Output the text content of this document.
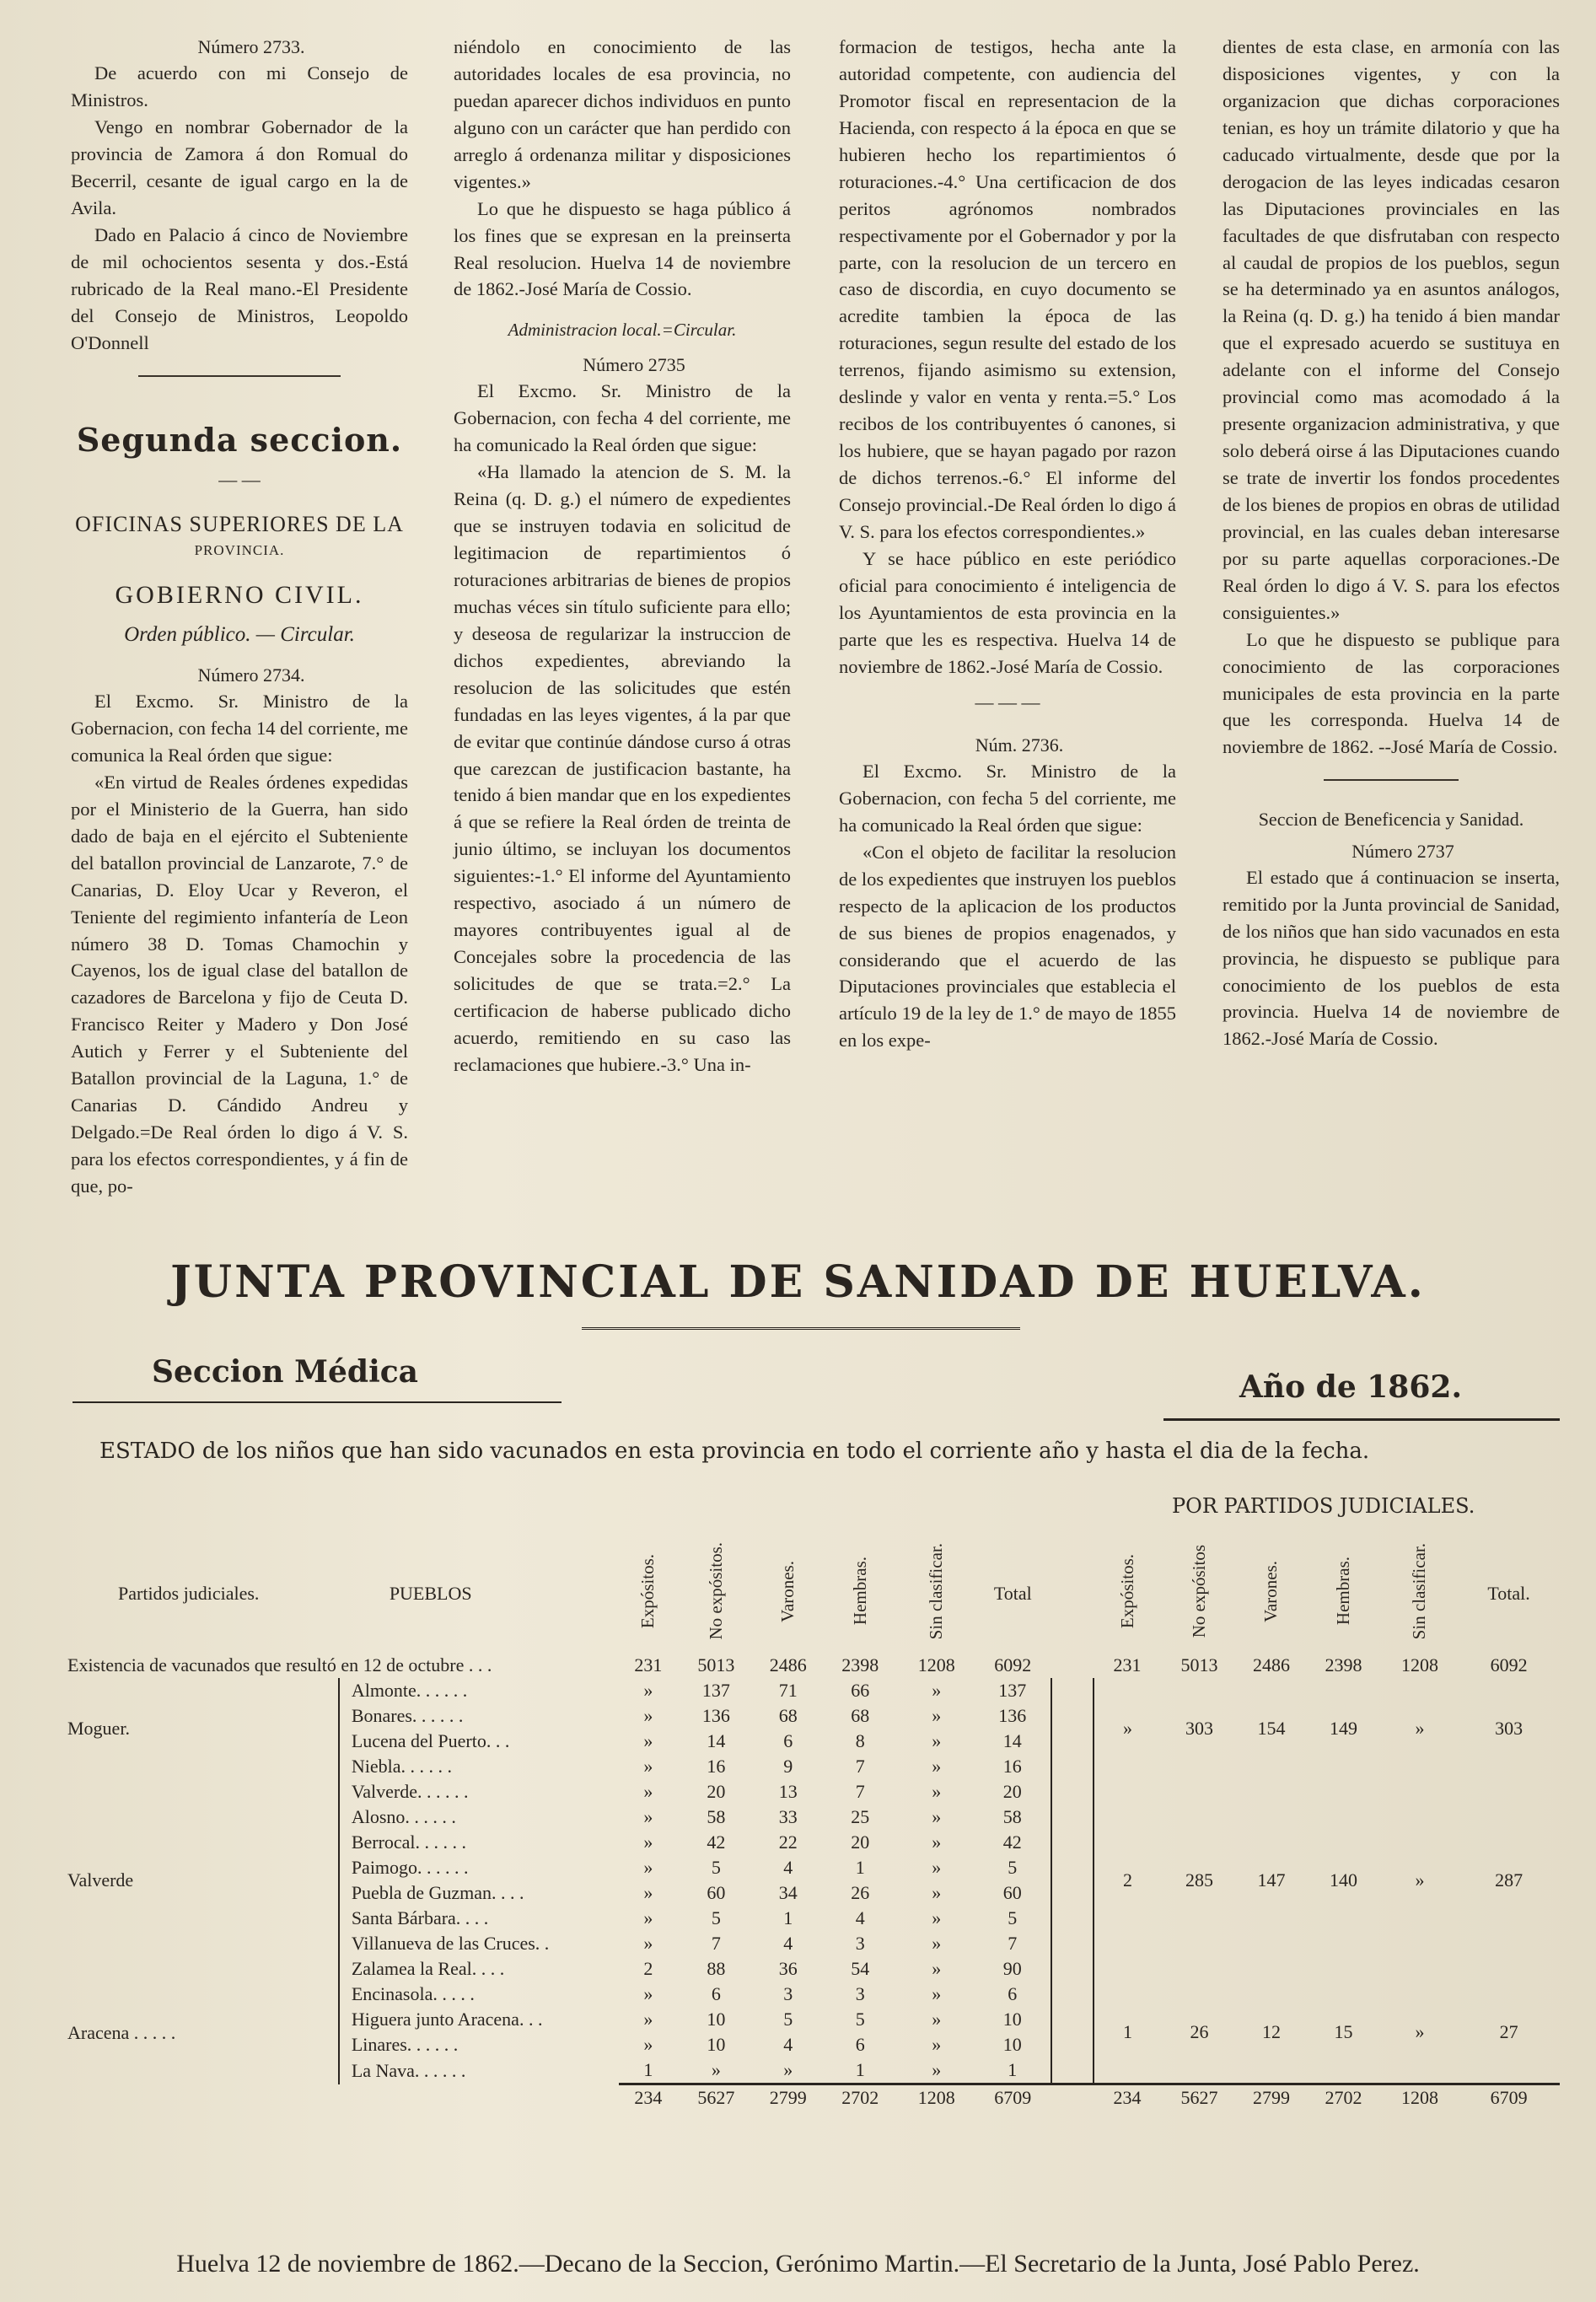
Número 2733.

De acuerdo con mi Consejo de Ministros.

Vengo en nombrar Gobernador de la provincia de Zamora á don Romual do Becerril, cesante de igual cargo en la de Avila.

Dado en Palacio á cinco de Noviembre de mil ochocientos sesenta y dos.-Está rubricado de la Real mano.-El Presidente del Consejo de Ministros, Leopoldo O'Donnell

Segunda seccion.
— —
OFICINAS SUPERIORES DE LA
PROVINCIA.
GOBIERNO CIVIL.
Orden público. — Circular.

Número 2734.

El Excmo. Sr. Ministro de la Gobernacion, con fecha 14 del corriente, me comunica la Real órden que sigue:

«En virtud de Reales órdenes expedidas por el Ministerio de la Guerra, han sido dado de baja en el ejército el Subteniente del batallon provincial de Lanzarote, 7.° de Canarias, D. Eloy Ucar y Reveron, el Teniente del regimiento infantería de Leon número 38 D. Tomas Chamochin y Cayenos, los de igual clase del batallon de cazadores de Barcelona y fijo de Ceuta D. Francisco Reiter y Madero y Don José Autich y Ferrer y el Subteniente del Batallon provincial de la Laguna, 1.° de Canarias D. Cándido Andreu y Delgado.=De Real órden lo digo á V. S. para los efectos correspondientes, y á fin de que, po-

niéndolo en conocimiento de las autoridades locales de esa provincia, no puedan aparecer dichos individuos en punto alguno con un carácter que han perdido con arreglo á ordenanza militar y disposiciones vigentes.»

Lo que he dispuesto se haga público á los fines que se expresan en la preinserta Real resolucion. Huelva 14 de noviembre de 1862.-José María de Cossio.

Administracion local.=Circular.

Número 2735

El Excmo. Sr. Ministro de la Gobernacion, con fecha 4 del corriente, me ha comunicado la Real órden que sigue:

«Ha llamado la atencion de S. M. la Reina (q. D. g.) el número de expedientes que se instruyen todavia en solicitud de legitimacion de repartimientos ó roturaciones arbitrarias de bienes de propios muchas véces sin título suficiente para ello; y deseosa de regularizar la instruccion de dichos expedientes, abreviando la resolucion de las solicitudes que estén fundadas en las leyes vigentes, á la par que de evitar que continúe dándose curso á otras que carezcan de justificacion bastante, ha tenido á bien mandar que en los expedientes á que se refiere la Real órden de treinta de junio último, se incluyan los documentos siguientes:-1.° El informe del Ayuntamiento respectivo, asociado á un número de mayores contribuyentes igual al de Concejales sobre la procedencia de las solicitudes de que se trata.=2.° La certificacion de haberse publicado dicho acuerdo, remitiendo en su caso las reclamaciones que hubiere.-3.° Una in-

formacion de testigos, hecha ante la autoridad competente, con audiencia del Promotor fiscal en representacion de la Hacienda, con respecto á la época en que se hubieren hecho los repartimientos ó roturaciones.-4.° Una certificacion de dos peritos agrónomos nombrados respectivamente por el Gobernador y por la parte, con la resolucion de un tercero en caso de discordia, en cuyo documento se acredite tambien la época de las roturaciones, segun resulte del estado de los terrenos, fijando asimismo su extension, deslinde y valor en venta y renta.=5.° Los recibos de los contribuyentes ó canones, si los hubiere, que se hayan pagado por razon de dichos terrenos.-6.° El informe del Consejo provincial.-De Real órden lo digo á V. S. para los efectos correspondientes.»

Y se hace público en este periódico oficial para conocimiento é inteligencia de los Ayuntamientos de esta provincia en la parte que les es respectiva. Huelva 14 de noviembre de 1862.-José María de Cossio.

— — —

Núm. 2736.

El Excmo. Sr. Ministro de la Gobernacion, con fecha 5 del corriente, me ha comunicado la Real órden que sigue:

«Con el objeto de facilitar la resolucion de los expedientes que instruyen los pueblos respecto de la aplicacion de los productos de sus bienes de propios enagenados, y considerando que el acuerdo de las Diputaciones provinciales que establecia el artículo 19 de la ley de 1.° de mayo de 1855 en los expe-

dientes de esta clase, en armonía con las disposiciones vigentes, y con la organizacion que dichas corporaciones tenian, es hoy un trámite dilatorio y que ha caducado virtualmente, desde que por la derogacion de las leyes indicadas cesaron las Diputaciones provinciales en las facultades de que disfrutaban con respecto al caudal de propios de los pueblos, segun se ha determinado ya en asuntos análogos, la Reina (q. D. g.) ha tenido á bien mandar que el expresado acuerdo se sustituya en adelante con el informe del Consejo provincial como mas acomodado á la presente organizacion administrativa, y que solo deberá oirse á las Diputaciones cuando se trate de invertir los fondos procedentes de los bienes de propios en obras de utilidad provincial, en las cuales deban interesarse por su parte aquellas corporaciones.-De Real órden lo digo á V. S. para los efectos consiguientes.»

Lo que he dispuesto se publique para conocimiento de las corporaciones municipales de esta provincia en la parte que les corresponda. Huelva 14 de noviembre de 1862. --José María de Cossio.

Seccion de Beneficencia y Sanidad.

Número 2737

El estado que á continuacion se inserta, remitido por la Junta provincial de Sanidad, de los niños que han sido vacunados en esta provincia, he dispuesto se publique para conocimiento de los pueblos de esta provincia. Huelva 14 de noviembre de 1862.-José María de Cossio.

JUNTA PROVINCIAL DE SANIDAD DE HUELVA.
Seccion Médica	Año de 1862.
ESTADO de los niños que han sido vacunados en esta provincia en todo el corriente año y hasta el dia de la fecha.
POR PARTIDOS JUDICIALES.
Partidos judiciales.	PUEBLOS	Expósitos.	No expósitos.	Varones.	Hembras.	Sin clasificar.	Total		Expósitos.	No expósitos	Varones.	Hembras.	Sin clasificar.	Total.
Existencia de vacunados que resultó en 12 de octubre . . .		231	5013	2486	2398	1208	6092		231	5013	2486	2398	1208	6092
Moguer.	Almonte. . . . . .	»	137	71	66	»	137		»	303	154	149	»	303
	Bonares. . . . . .	»	136	68	68	»	136							
	Lucena del Puerto. . .	»	14	6	8	»	14							
	Niebla. . . . . .	»	16	9	7	»	16							
Valverde	Valverde. . . . . .	»	20	13	7	»	20		2	285	147	140	»	287
	Alosno. . . . . .	»	58	33	25	»	58							
	Berrocal. . . . . .	»	42	22	20	»	42							
	Paimogo. . . . . .	»	5	4	1	»	5							
	Puebla de Guzman. . . .	»	60	34	26	»	60							
	Santa Bárbara. . . .	»	5	1	4	»	5							
	Villanueva de las Cruces. .	»	7	4	3	»	7							
	Zalamea la Real. . . .	2	88	36	54	»	90							
Aracena . . . . .	Encinasola. . . . .	»	6	3	3	»	6		1	26	12	15	»	27
	Higuera junto Aracena. . .	»	10	5	5	»	10							
	Linares. . . . . .	»	10	4	6	»	10							
	La Nava. . . . . .	1	»	»	1	»	1							
		234	5627	2799	2702	1208	6709		234	5627	2799	2702	1208	6709
Huelva 12 de noviembre de 1862.—Decano de la Seccion, Gerónimo Martin.—El Secretario de la Junta, José Pablo Perez.
